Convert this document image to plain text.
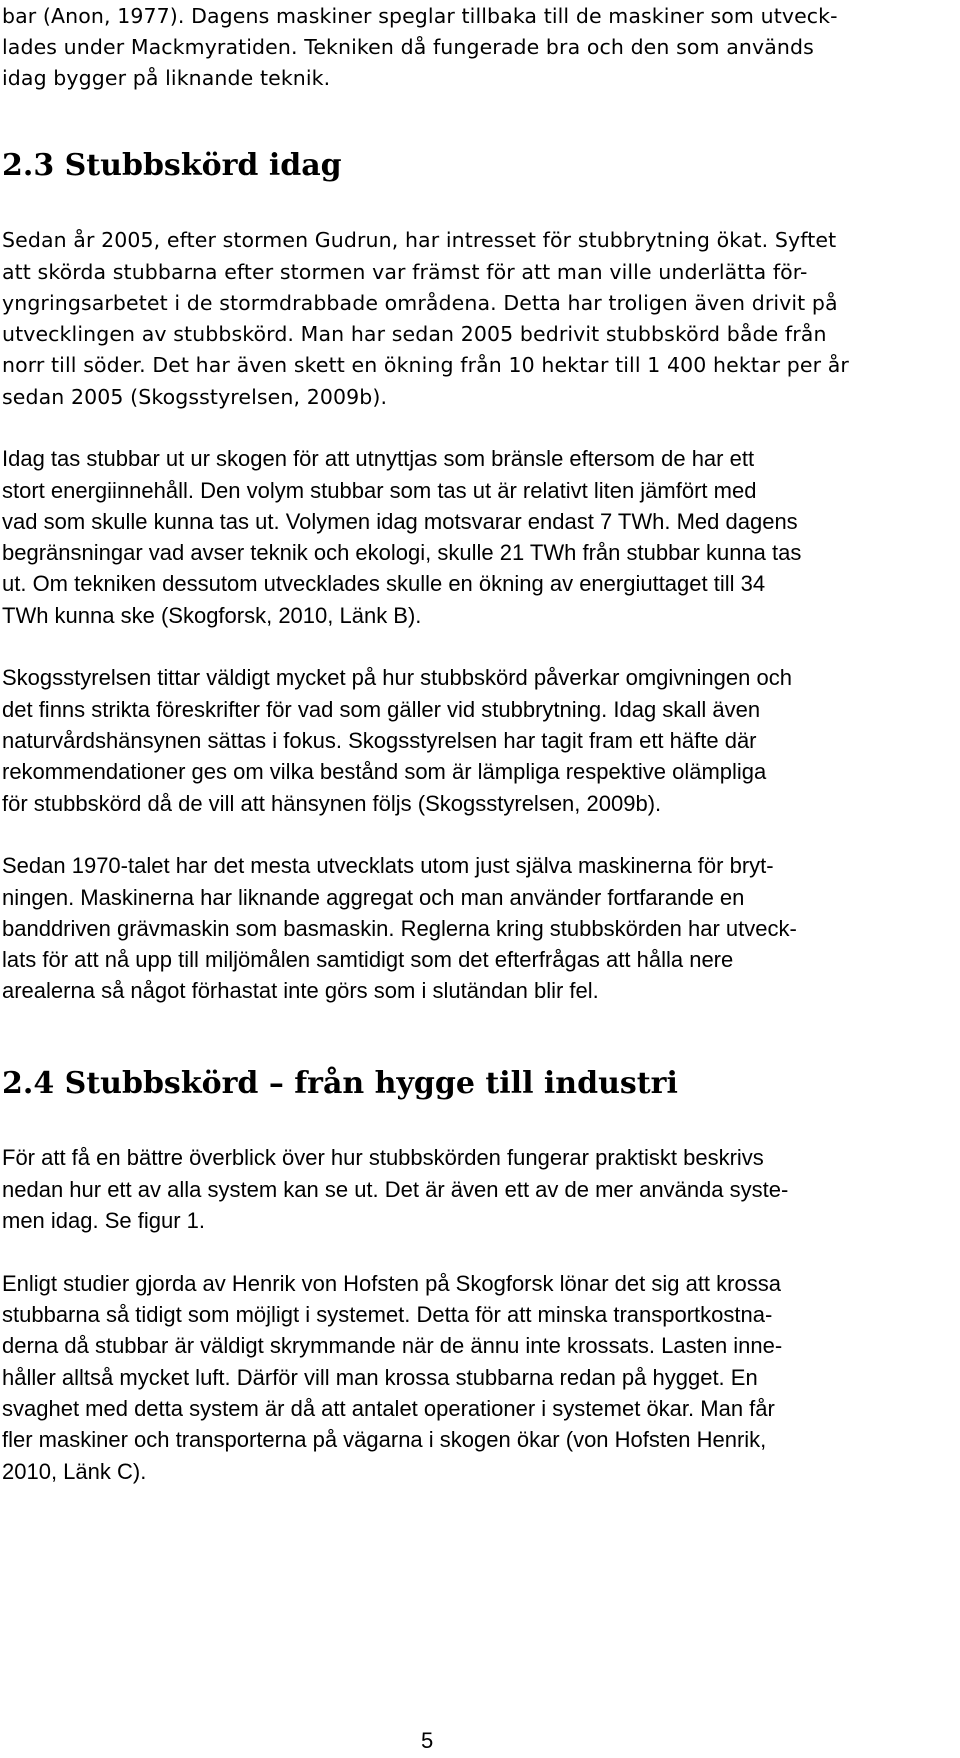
bar (Anon, 1977). Dagens maskiner speglar tillbaka till de maskiner som utveck-
lades under Mackmyratiden. Tekniken då fungerade bra och den som används
idag bygger på liknande teknik.
2.3 Stubbskörd idag
Sedan år 2005, efter stormen Gudrun, har intresset för stubbrytning ökat. Syftet
att skörda stubbarna efter stormen var främst för att man ville underlätta för-
yngringsarbetet i de stormdrabbade områdena. Detta har troligen även drivit på
utvecklingen av stubbskörd. Man har sedan 2005 bedrivit stubbskörd både från
norr till söder. Det har även skett en ökning från 10 hektar till 1 400 hektar per år
sedan 2005 (Skogsstyrelsen, 2009b).
Idag tas stubbar ut ur skogen för att utnyttjas som bränsle eftersom de har ett
stort energiinnehåll. Den volym stubbar som tas ut är relativt liten jämfört med
vad som skulle kunna tas ut. Volymen idag motsvarar endast 7 TWh. Med dagens
begränsningar vad avser teknik och ekologi, skulle 21 TWh från stubbar kunna tas
ut. Om tekniken dessutom utvecklades skulle en ökning av energiuttaget till 34
TWh kunna ske (Skogforsk, 2010, Länk B).
Skogsstyrelsen tittar väldigt mycket på hur stubbskörd påverkar omgivningen och
det finns strikta föreskrifter för vad som gäller vid stubbrytning. Idag skall även
naturvårdshänsynen sättas i fokus. Skogsstyrelsen har tagit fram ett häfte där
rekommendationer ges om vilka bestånd som är lämpliga respektive olämpliga
för stubbskörd då de vill att hänsynen följs (Skogsstyrelsen, 2009b).
Sedan 1970-talet har det mesta utvecklats utom just själva maskinerna för bryt-
ningen. Maskinerna har liknande aggregat och man använder fortfarande en
banddriven grävmaskin som basmaskin. Reglerna kring stubbskörden har utveck-
lats för att nå upp till miljömålen samtidigt som det efterfrågas att hålla nere
arealerna så något förhastat inte görs som i slutändan blir fel.
2.4 Stubbskörd – från hygge till industri
För att få en bättre överblick över hur stubbskörden fungerar praktiskt beskrivs
nedan hur ett av alla system kan se ut. Det är även ett av de mer använda syste-
men idag. Se figur 1.
Enligt studier gjorda av Henrik von Hofsten på Skogforsk lönar det sig att krossa
stubbarna så tidigt som möjligt i systemet. Detta för att minska transportkostna-
derna då stubbar är väldigt skrymmande när de ännu inte krossats. Lasten inne-
håller alltså mycket luft. Därför vill man krossa stubbarna redan på hygget. En
svaghet med detta system är då att antalet operationer i systemet ökar. Man får
fler maskiner och transporterna på vägarna i skogen ökar (von Hofsten Henrik,
2010, Länk C).
5
